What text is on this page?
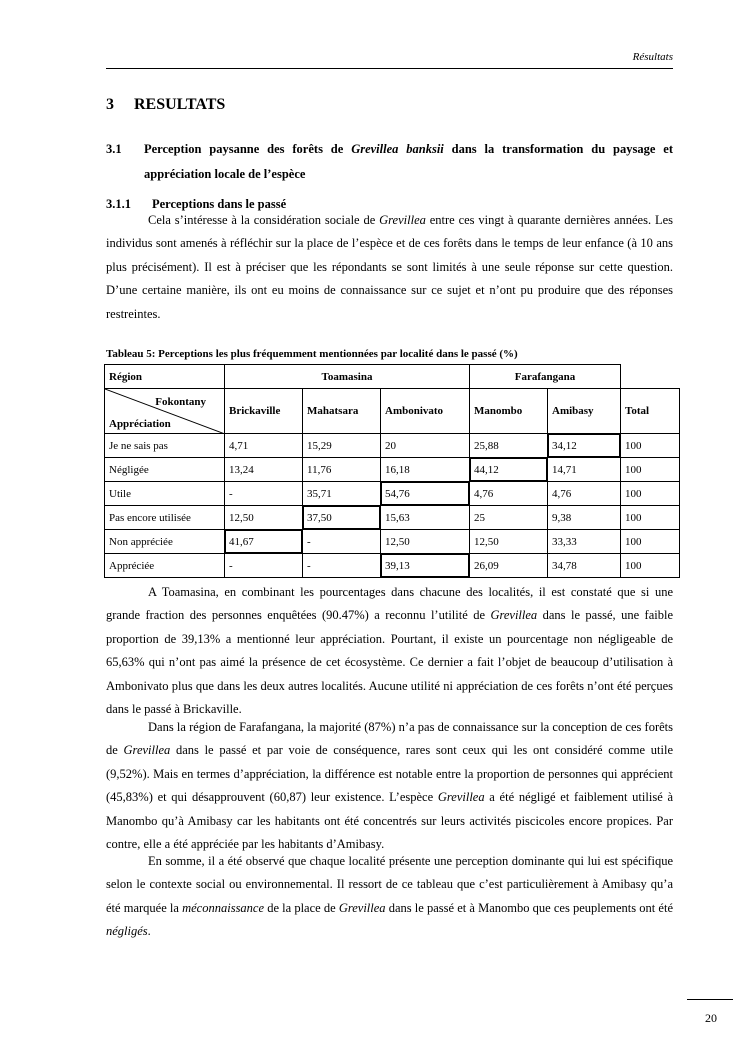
Résultats
3 RESULTATS
3.1 Perception paysanne des forêts de Grevillea banksii dans la transformation du paysage et appréciation locale de l’espèce
3.1.1 Perceptions dans le passé

Cela s’intéresse à la considération sociale de Grevillea entre ces vingt à quarante dernières années. Les individus sont amenés à réfléchir sur la place de l’espèce et de ces forêts dans le temps de leur enfance (à 10 ans plus précisément). Il est à préciser que les répondants se sont limités à une seule réponse sur cette question. D’une certaine manière, ils ont eu moins de connaissance sur ce sujet et n’ont pu produire que des réponses restreintes.

Tableau 5: Perceptions les plus fréquemment mentionnées par localité dans le passé (%)
Région	Toamasina			Farafangana		

Fokontany
Appréciation	Brickaville	Mahatsara	Ambonivato	Manombo	Amibasy	Total
Je ne sais pas	4,71	15,29	20	25,88	34,12	100
Négligée	13,24	11,76	16,18	44,12	14,71	100
Utile	-	35,71	54,76	4,76	4,76	100
Pas encore utilisée	12,50	37,50	15,63	25	9,38	100
Non appréciée	41,67	-	12,50	12,50	33,33	100
Appréciée	-	-	39,13	26,09	34,78	100

A Toamasina, en combinant les pourcentages dans chacune des localités, il est constaté que si une grande fraction des personnes enquêtées (90.47%) a reconnu l’utilité de Grevillea dans le passé, une faible proportion de 39,13% a mentionné leur appréciation. Pourtant, il existe un pourcentage non négligeable de 65,63% qui n’ont pas aimé la présence de cet écosystème. Ce dernier a fait l’objet de beaucoup d’utilisation à Ambonivato plus que dans les deux autres localités. Aucune utilité ni appréciation de ces forêts n’ont été perçues dans le passé à Brickaville.

Dans la région de Farafangana, la majorité (87%) n’a pas de connaissance sur la conception de ces forêts de Grevillea dans le passé et par voie de conséquence, rares sont ceux qui les ont considéré comme utile (9,52%). Mais en termes d’appréciation, la différence est notable entre la proportion de personnes qui apprécient (45,83%) et qui désapprouvent (60,87) leur existence. L’espèce Grevillea a été négligé et faiblement utilisé à Manombo qu’à Amibasy car les habitants ont été concentrés sur leurs activités piscicoles encore propices. Par contre, elle a été appréciée par les habitants d’Amibasy.

En somme, il a été observé que chaque localité présente une perception dominante qui lui est spécifique selon le contexte social ou environnemental. Il ressort de ce tableau que c’est particulièrement à Amibasy qu’a été marquée la méconnaissance de la place de Grevillea dans le passé et à Manombo que ces peuplements ont été négligés.

20
